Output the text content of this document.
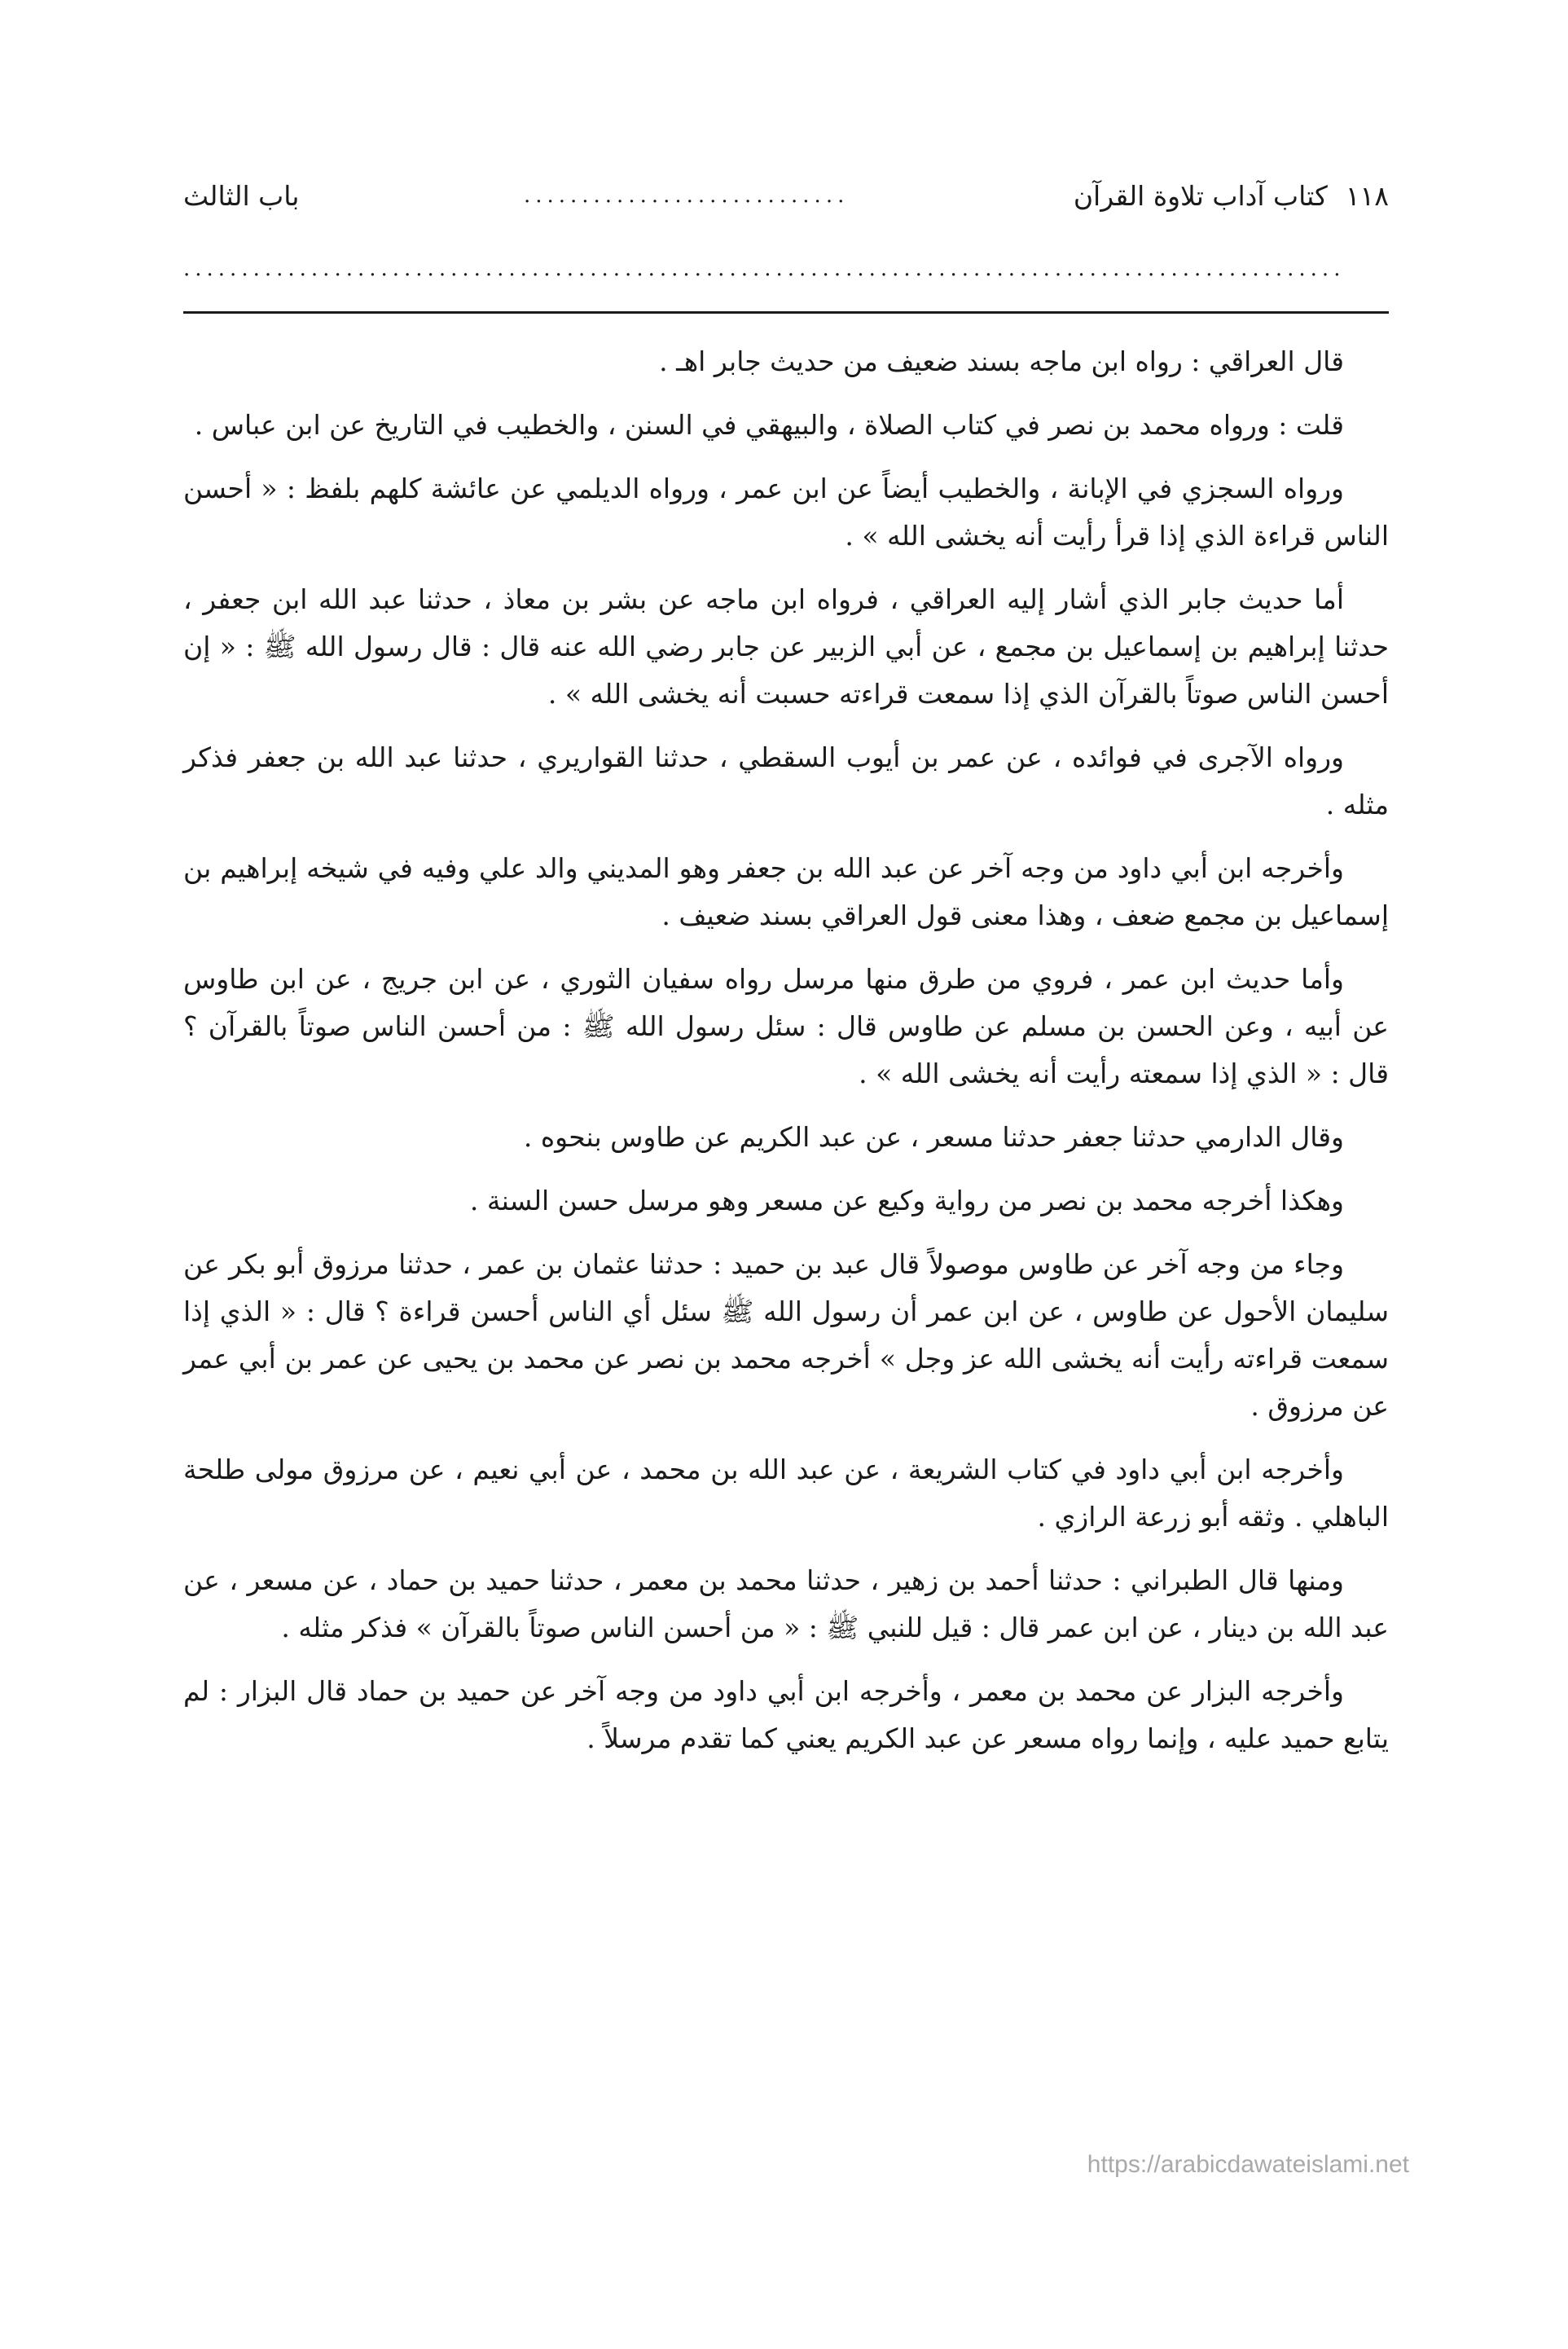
١١٨
كتاب آداب تلاوة القرآن
............................
باب الثالث
....................................................................................................

قال العراقي : رواه ابن ماجه بسند ضعيف من حديث جابر اهـ .

قلت : ورواه محمد بن نصر في كتاب الصلاة ، والبيهقي في السنن ، والخطيب في التاريخ عن ابن عباس .

ورواه السجزي في الإبانة ، والخطيب أيضاً عن ابن عمر ، ورواه الديلمي عن عائشة كلهم بلفظ : « أحسن الناس قراءة الذي إذا قرأ رأيت أنه يخشى الله » .

أما حديث جابر الذي أشار إليه العراقي ، فرواه ابن ماجه عن بشر بن معاذ ، حدثنا عبد الله ابن جعفر ، حدثنا إبراهيم بن إسماعيل بن مجمع ، عن أبي الزبير عن جابر رضي الله عنه قال : قال رسول الله ﷺ : « إن أحسن الناس صوتاً بالقرآن الذي إذا سمعت قراءته حسبت أنه يخشى الله » .

ورواه الآجرى في فوائده ، عن عمر بن أيوب السقطي ، حدثنا القواريري ، حدثنا عبد الله بن جعفر فذكر مثله .

وأخرجه ابن أبي داود من وجه آخر عن عبد الله بن جعفر وهو المديني والد علي وفيه في شيخه إبراهيم بن إسماعيل بن مجمع ضعف ، وهذا معنى قول العراقي بسند ضعيف .

وأما حديث ابن عمر ، فروي من طرق منها مرسل رواه سفيان الثوري ، عن ابن جريج ، عن ابن طاوس عن أبيه ، وعن الحسن بن مسلم عن طاوس قال : سئل رسول الله ﷺ : من أحسن الناس صوتاً بالقرآن ؟ قال : « الذي إذا سمعته رأيت أنه يخشى الله » .

وقال الدارمي حدثنا جعفر حدثنا مسعر ، عن عبد الكريم عن طاوس بنحوه .

وهكذا أخرجه محمد بن نصر من رواية وكيع عن مسعر وهو مرسل حسن السنة .

وجاء من وجه آخر عن طاوس موصولاً قال عبد بن حميد : حدثنا عثمان بن عمر ، حدثنا مرزوق أبو بكر عن سليمان الأحول عن طاوس ، عن ابن عمر أن رسول الله ﷺ سئل أي الناس أحسن قراءة ؟ قال : « الذي إذا سمعت قراءته رأيت أنه يخشى الله عز وجل » أخرجه محمد بن نصر عن محمد بن يحيى عن عمر بن أبي عمر عن مرزوق .

وأخرجه ابن أبي داود في كتاب الشريعة ، عن عبد الله بن محمد ، عن أبي نعيم ، عن مرزوق مولى طلحة الباهلي . وثقه أبو زرعة الرازي .

ومنها قال الطبراني : حدثنا أحمد بن زهير ، حدثنا محمد بن معمر ، حدثنا حميد بن حماد ، عن مسعر ، عن عبد الله بن دينار ، عن ابن عمر قال : قيل للنبي ﷺ : « من أحسن الناس صوتاً بالقرآن » فذكر مثله .

وأخرجه البزار عن محمد بن معمر ، وأخرجه ابن أبي داود من وجه آخر عن حميد بن حماد قال البزار : لم يتابع حميد عليه ، وإنما رواه مسعر عن عبد الكريم يعني كما تقدم مرسلاً .

https://arabicdawateislami.net
